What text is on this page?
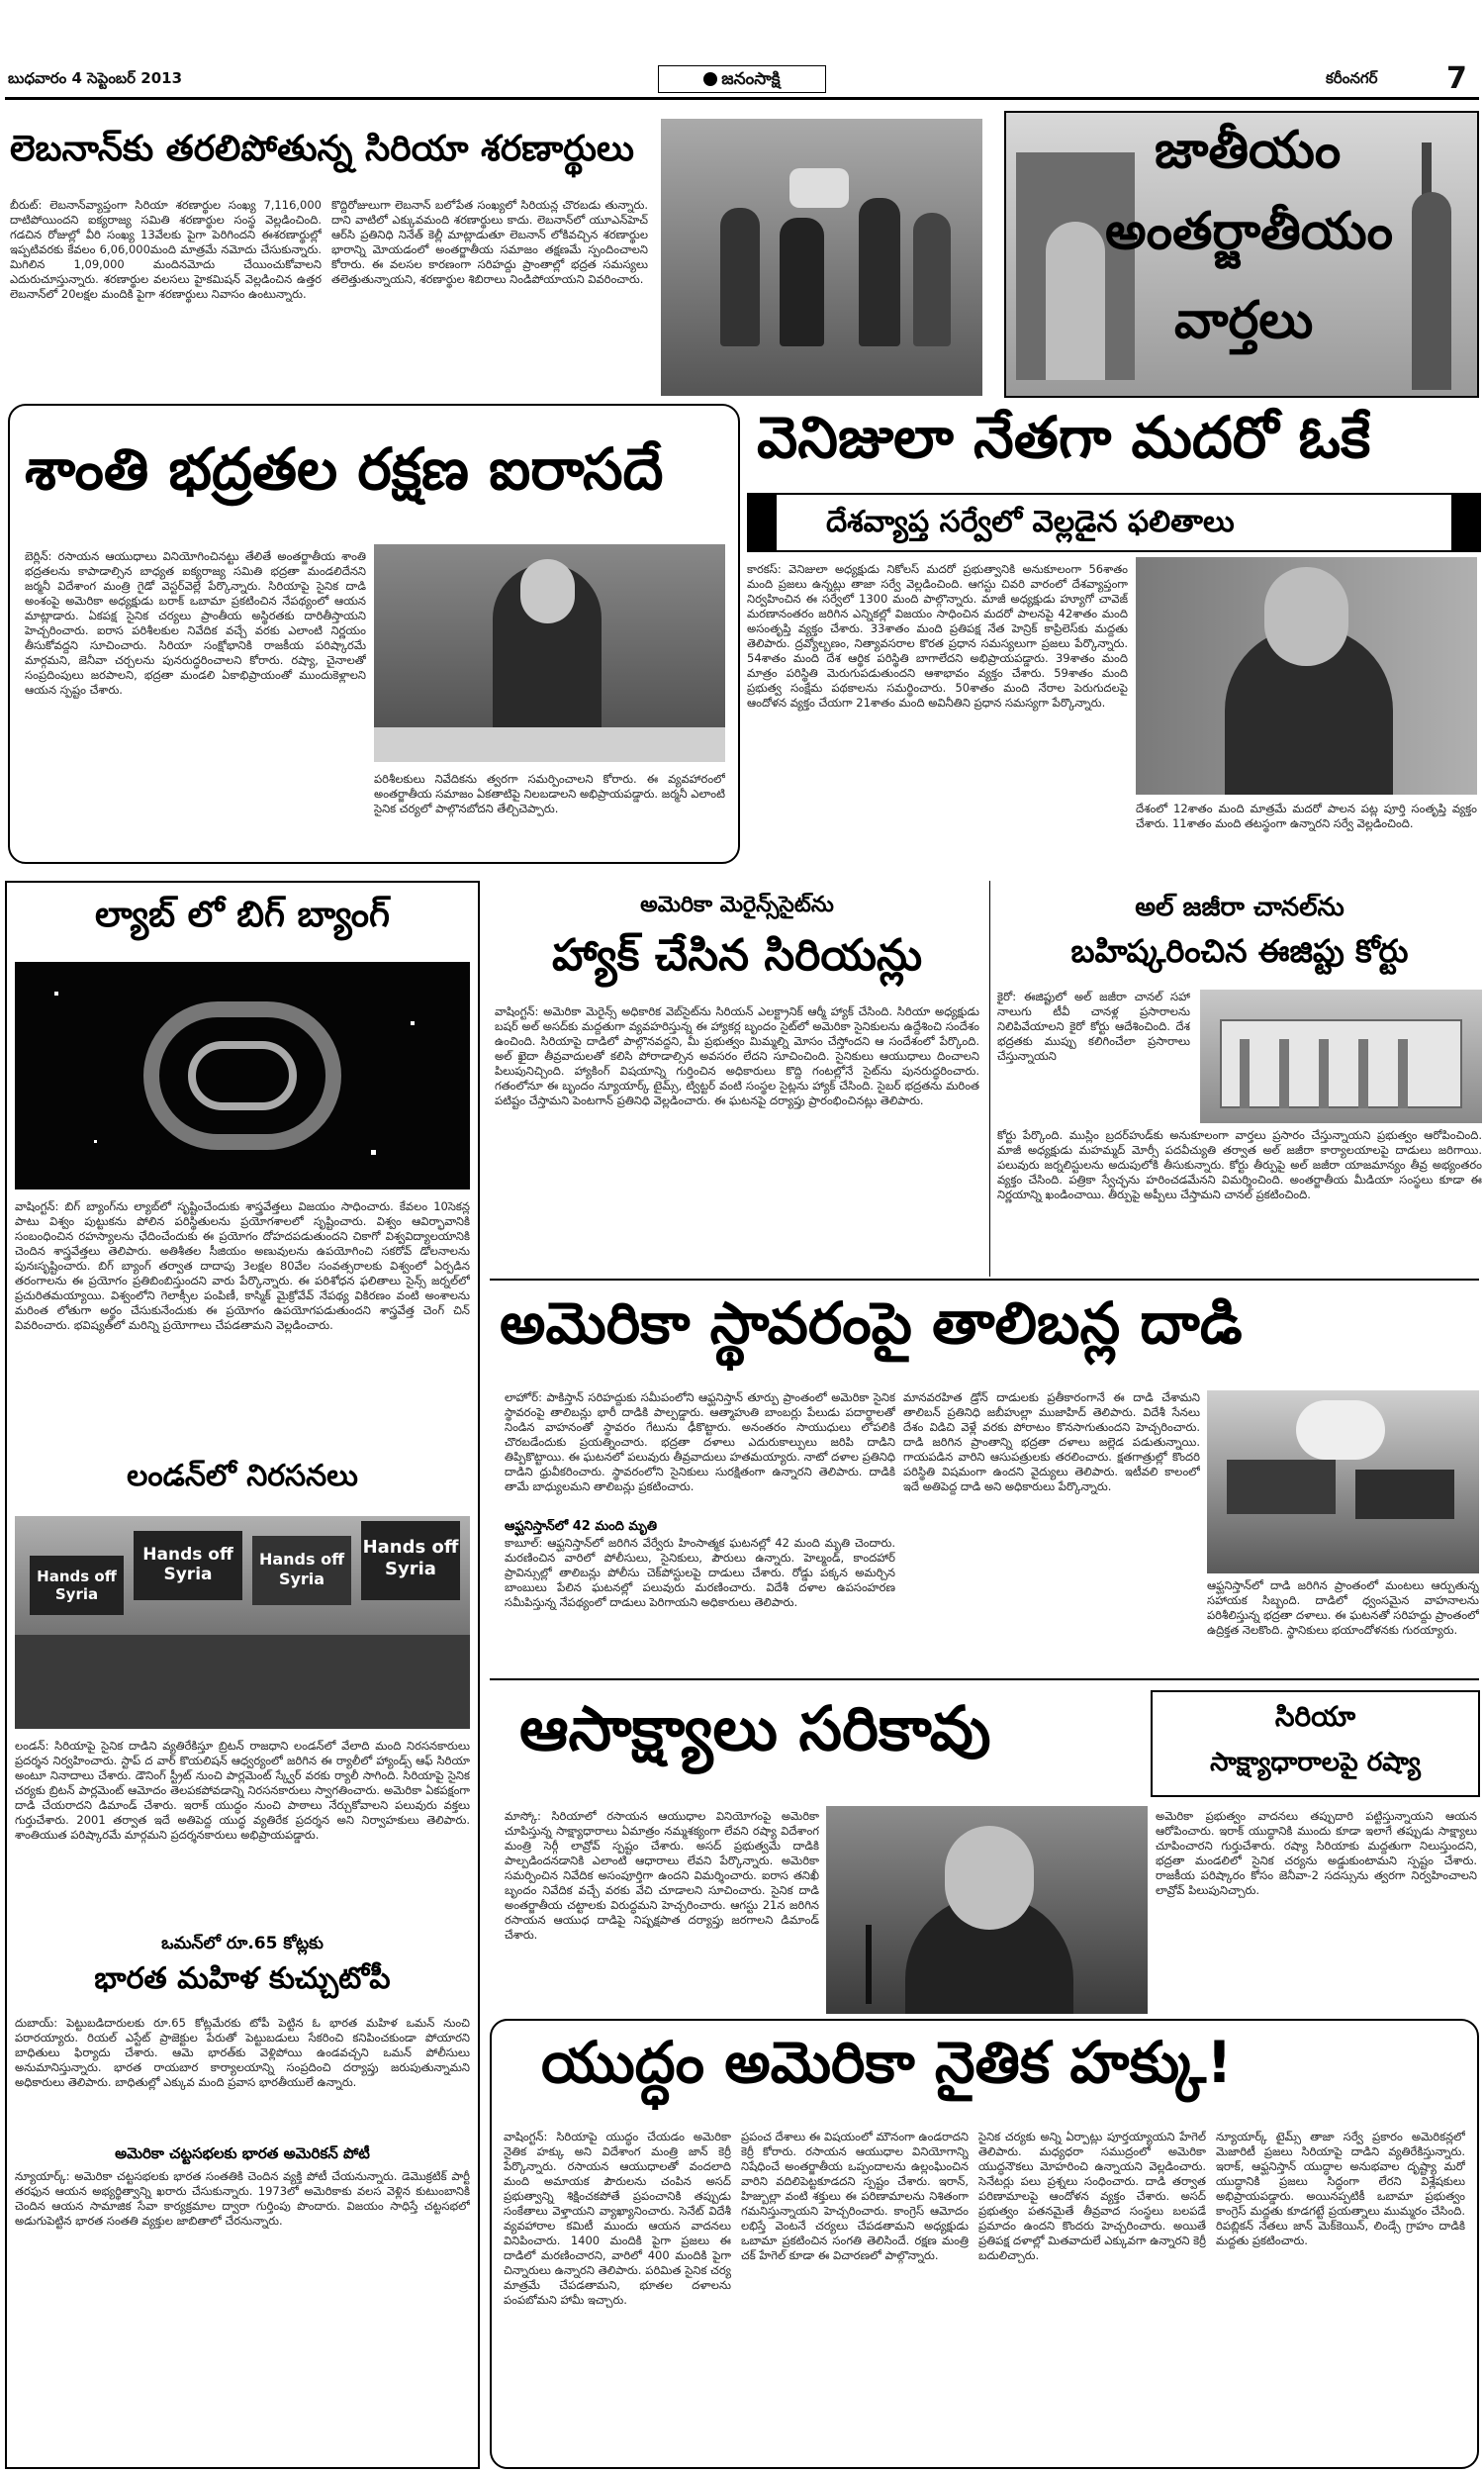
బుధవారం 4 సెప్టెంబర్ 2013	జనంసాక్షి	కరీంనగర్ 7
లెబనాన్‌కు తరలిపోతున్న సిరియా శరణార్థులు
బీరుట్: లెబనాన్‌వ్యాప్తంగా సిరియా శరణార్థుల సంఖ్య 7,116,000 దాటిపోయిందని ఐక్యరాజ్య సమితి శరణార్థుల సంస్థ వెల్లడించింది. గడచిన రోజుల్లో వీరి సంఖ్య 13వేలకు పైగా పెరిగిందని ఈశరణార్థుల్లో ఇప్పటివరకు కేవలం 6,06,000మంది మాత్రమే నమోదు చేసుకున్నారు. మిగిలిన 1,09,000 మందినమోదు చేయించుకోవాలని ఎదురుచూస్తున్నారు. శరణార్థుల వలసలు హైకమిషన్ వెల్లడించిన ఉత్తర లెబనాన్‌లో 20లక్షల మందికి పైగా శరణార్థులు నివాసం ఉంటున్నారు.
కొద్దిరోజులుగా లెబనాన్ బలోపేత సంఖ్యలో సిరియన్ల చొరబడు తున్నారు. దాని వాటిలో ఎక్కువమంది శరణార్థులు కాదు. లెబనాన్‌లో యూఎన్‌హెచ్ ఆర్‌సి ప్రతినిధి నినేత్ కెల్లీ మాట్లాడుతూ లెబనాన్ లోకివచ్చిన శరణార్థుల భారాన్ని మోయడంలో అంతర్జాతీయ సమాజం తక్షణమే స్పందించాలని కోరారు. ఈ వలసల కారణంగా సరిహద్దు ప్రాంతాల్లో భద్రత సమస్యలు తలెత్తుతున్నాయని, శరణార్థుల శిబిరాలు నిండిపోయాయని వివరించారు.
జాతీయం
అంతర్జాతీయం
వార్తలు
శాంతి భద్రతల రక్షణ ఐరాసదే
బెర్లిన్: రసాయన ఆయుధాలు వినియోగించినట్టు తేలితే అంతర్జాతీయ శాంతి భద్రతలను కాపాడాల్సిన బాధ్యత ఐక్యరాజ్య సమితి భద్రతా మండలిదేనని జర్మనీ విదేశాంగ మంత్రి గైడో వెస్టర్‌వెల్లే పేర్కొన్నారు. సిరియాపై సైనిక దాడి అంశంపై అమెరికా అధ్యక్షుడు బరాక్ ఒబామా ప్రకటించిన నేపథ్యంలో ఆయన మాట్లాడారు. ఏకపక్ష సైనిక చర్యలు ప్రాంతీయ అస్థిరతకు దారితీస్తాయని హెచ్చరించారు. ఐరాస పరిశీలకుల నివేదిక వచ్చే వరకు ఎలాంటి నిర్ణయం తీసుకోవద్దని సూచించారు. సిరియా సంక్షోభానికి రాజకీయ పరిష్కారమే మార్గమని, జెనీవా చర్చలను పునరుద్ధరించాలని కోరారు. రష్యా, చైనాలతో సంప్రదింపులు జరపాలని, భద్రతా మండలి ఏకాభిప్రాయంతో ముందుకెళ్లాలని ఆయన స్పష్టం చేశారు.
పరిశీలకులు నివేదికను త్వరగా సమర్పించాలని కోరారు. ఈ వ్యవహారంలో అంతర్జాతీయ సమాజం ఏకతాటిపై నిలబడాలని అభిప్రాయపడ్డారు. జర్మనీ ఎలాంటి సైనిక చర్యలో పాల్గొనబోదని తేల్చిచెప్పారు.
వెనిజులా నేతగా మదరో ఓకే
దేశవ్యాప్త సర్వేలో వెల్లడైన ఫలితాలు
కారకస్: వెనిజులా అధ్యక్షుడు నికోలస్ మదరో ప్రభుత్వానికి అనుకూలంగా 56శాతం మంది ప్రజలు ఉన్నట్లు తాజా సర్వే వెల్లడించింది. ఆగస్టు చివరి వారంలో దేశవ్యాప్తంగా నిర్వహించిన ఈ సర్వేలో 1300 మంది పాల్గొన్నారు. మాజీ అధ్యక్షుడు హ్యూగో చావెజ్ మరణానంతరం జరిగిన ఎన్నికల్లో విజయం సాధించిన మదరో పాలనపై 42శాతం మంది అసంతృప్తి వ్యక్తం చేశారు. 33శాతం మంది ప్రతిపక్ష నేత హెన్రిక్ కాప్రిలెస్‌కు మద్దతు తెలిపారు. ద్రవ్యోల్బణం, నిత్యావసరాల కొరత ప్రధాన సమస్యలుగా ప్రజలు పేర్కొన్నారు. 54శాతం మంది దేశ ఆర్థిక పరిస్థితి బాగాలేదని అభిప్రాయపడ్డారు. 39శాతం మంది మాత్రం పరిస్థితి మెరుగుపడుతుందని ఆశాభావం వ్యక్తం చేశారు. 59శాతం మంది ప్రభుత్వ సంక్షేమ పథకాలను సమర్థించారు. 50శాతం మంది నేరాల పెరుగుదలపై ఆందోళన వ్యక్తం చేయగా 21శాతం మంది అవినీతిని ప్రధాన సమస్యగా పేర్కొన్నారు.
దేశంలో 12శాతం మంది మాత్రమే మదరో పాలన పట్ల పూర్తి సంతృప్తి వ్యక్తం చేశారు. 11శాతం మంది తటస్థంగా ఉన్నారని సర్వే వెల్లడించింది.
ల్యాబ్ లో బిగ్ బ్యాంగ్
వాషింగ్టన్: బిగ్ బ్యాంగ్‌ను ల్యాబ్‌లో సృష్టించేందుకు శాస్త్రవేత్తలు విజయం సాధించారు. కేవలం 10సెకన్ల పాటు విశ్వం పుట్టుకను పోలిన పరిస్థితులను ప్రయోగశాలలో సృష్టించారు. విశ్వం ఆవిర్భావానికి సంబంధించిన రహస్యాలను ఛేదించేందుకు ఈ ప్రయోగం దోహదపడుతుందని చికాగో విశ్వవిద్యాలయానికి చెందిన శాస్త్రవేత్తలు తెలిపారు. అతిశీతల సీజియం అణువులను ఉపయోగించి సకరోవ్ డోలనాలను పునఃసృష్టించారు. బిగ్ బ్యాంగ్ తర్వాత దాదాపు 3లక్షల 80వేల సంవత్సరాలకు విశ్వంలో ఏర్పడిన తరంగాలను ఈ ప్రయోగం ప్రతిబింబిస్తుందని వారు పేర్కొన్నారు. ఈ పరిశోధన ఫలితాలు సైన్స్ జర్నల్‌లో ప్రచురితమయ్యాయి. విశ్వంలోని గెలాక్సీల పంపిణీ, కాస్మిక్ మైక్రోవేవ్ నేపథ్య వికిరణం వంటి అంశాలను మరింత లోతుగా అర్థం చేసుకునేందుకు ఈ ప్రయోగం ఉపయోగపడుతుందని శాస్త్రవేత్త చెంగ్ చిన్ వివరించారు. భవిష్యత్‌లో మరిన్ని ప్రయోగాలు చేపడతామని వెల్లడించారు.
లండన్‌లో నిరసనలు
Hands off Syria
Hands off Syria
Hands off Syria
Hands off Syria
లండన్: సిరియాపై సైనిక దాడిని వ్యతిరేకిస్తూ బ్రిటన్ రాజధాని లండన్‌లో వేలాది మంది నిరసనకారులు ప్రదర్శన నిర్వహించారు. స్టాప్ ద వార్ కొయలిషన్ ఆధ్వర్యంలో జరిగిన ఈ ర్యాలీలో హ్యాండ్స్ ఆఫ్ సిరియా అంటూ నినాదాలు చేశారు. డౌనింగ్ స్ట్రీట్ నుంచి పార్లమెంట్ స్క్వేర్ వరకు ర్యాలీ సాగింది. సిరియాపై సైనిక చర్యకు బ్రిటన్ పార్లమెంట్ ఆమోదం తెలపకపోవడాన్ని నిరసనకారులు స్వాగతించారు. అమెరికా ఏకపక్షంగా దాడి చేయరాదని డిమాండ్ చేశారు. ఇరాక్ యుద్ధం నుంచి పాఠాలు నేర్చుకోవాలని పలువురు వక్తలు గుర్తుచేశారు. 2001 తర్వాత ఇదే అతిపెద్ద యుద్ధ వ్యతిరేక ప్రదర్శన అని నిర్వాహకులు తెలిపారు. శాంతియుత పరిష్కారమే మార్గమని ప్రదర్శనకారులు అభిప్రాయపడ్డారు.
ఒమన్‌లో రూ.65 కోట్లకు
భారత మహిళ కుచ్చుటోపీ
దుబాయ్: పెట్టుబడిదారులకు రూ.65 కోట్లమేరకు టోపీ పెట్టిన ఓ భారత మహిళ ఒమన్‌ నుంచి పరారయ్యారు. రియల్ ఎస్టేట్ ప్రాజెక్టుల పేరుతో పెట్టుబడులు సేకరించి కనిపించకుండా పోయారని బాధితులు ఫిర్యాదు చేశారు. ఆమె భారత్‌కు వెళ్లిపోయి ఉండవచ్చని ఒమన్ పోలీసులు అనుమానిస్తున్నారు. భారత రాయబార కార్యాలయాన్ని సంప్రదించి దర్యాప్తు జరుపుతున్నామని అధికారులు తెలిపారు. బాధితుల్లో ఎక్కువ మంది ప్రవాస భారతీయులే ఉన్నారు.
అమెరికా చట్టసభలకు భారత అమెరికన్ పోటీ
న్యూయార్క్: అమెరికా చట్టసభలకు భారత సంతతికి చెందిన వ్యక్తి పోటీ చేయనున్నారు. డెమొక్రటిక్ పార్టీ తరఫున ఆయన అభ్యర్థిత్వాన్ని ఖరారు చేసుకున్నారు. 1973లో అమెరికాకు వలస వెళ్లిన కుటుంబానికి చెందిన ఆయన సామాజిక సేవా కార్యక్రమాల ద్వారా గుర్తింపు పొందారు. విజయం సాధిస్తే చట్టసభలో అడుగుపెట్టిన భారత సంతతి వ్యక్తుల జాబితాలో చేరనున్నారు.
అమెరికా మెరైన్స్‌సైట్‌ను
హ్యాక్ చేసిన సిరియన్లు
వాషింగ్టన్: అమెరికా మెరైన్స్ అధికారిక వెబ్‌సైట్‌ను సిరియన్ ఎలక్ట్రానిక్ ఆర్మీ హ్యాక్ చేసింది. సిరియా అధ్యక్షుడు బషర్ అల్ అసద్‌కు మద్దతుగా వ్యవహరిస్తున్న ఈ హ్యాకర్ల బృందం సైట్‌లో అమెరికా సైనికులను ఉద్దేశించి సందేశం ఉంచింది. సిరియాపై దాడిలో పాల్గొనవద్దని, మీ ప్రభుత్వం మిమ్మల్ని మోసం చేస్తోందని ఆ సందేశంలో పేర్కొంది. అల్ ఖైదా తీవ్రవాదులతో కలిసి పోరాడాల్సిన అవసరం లేదని సూచించింది. సైనికులు ఆయుధాలు దించాలని పిలుపునిచ్చింది. హ్యాకింగ్ విషయాన్ని గుర్తించిన అధికారులు కొద్ది గంటల్లోనే సైట్‌ను పునరుద్ధరించారు. గతంలోనూ ఈ బృందం న్యూయార్క్ టైమ్స్, ట్విట్టర్ వంటి సంస్థల సైట్లను హ్యాక్ చేసింది. సైబర్ భద్రతను మరింత పటిష్టం చేస్తామని పెంటగాన్ ప్రతినిధి వెల్లడించారు. ఈ ఘటనపై దర్యాప్తు ప్రారంభించినట్లు తెలిపారు.
అల్ జజీరా చానల్‌ను
బహిష్కరించిన ఈజిప్టు కోర్టు
కైరో: ఈజిప్టులో అల్ జజీరా చానల్ సహా నాలుగు టీవీ చానళ్ల ప్రసారాలను నిలిపివేయాలని కైరో కోర్టు ఆదేశించింది. దేశ భద్రతకు ముప్పు కలిగించేలా ప్రసారాలు చేస్తున్నాయని
కోర్టు పేర్కొంది. ముస్లిం బ్రదర్‌హుడ్‌కు అనుకూలంగా వార్తలు ప్రసారం చేస్తున్నాయని ప్రభుత్వం ఆరోపించింది. మాజీ అధ్యక్షుడు మహమ్మద్ మోర్సీ పదవీచ్యుతి తర్వాత అల్ జజీరా కార్యాలయాలపై దాడులు జరిగాయి. పలువురు జర్నలిస్టులను అదుపులోకి తీసుకున్నారు. కోర్టు తీర్పుపై అల్ జజీరా యాజమాన్యం తీవ్ర అభ్యంతరం వ్యక్తం చేసింది. పత్రికా స్వేచ్ఛను హరించడమేనని విమర్శించింది. అంతర్జాతీయ మీడియా సంస్థలు కూడా ఈ నిర్ణయాన్ని ఖండించాయి. తీర్పుపై అప్పీలు చేస్తామని చానల్ ప్రకటించింది.
అమెరికా స్థావరంపై తాలిబన్ల దాడి
లాహోర్: పాకిస్తాన్ సరిహద్దుకు సమీపంలోని ఆఫ్ఘనిస్తాన్ తూర్పు ప్రాంతంలో అమెరికా సైనిక స్థావరంపై తాలిబన్లు భారీ దాడికి పాల్పడ్డారు. ఆత్మాహుతి బాంబర్లు పేలుడు పదార్థాలతో నిండిన వాహనంతో స్థావరం గేటును ఢీకొట్టారు. అనంతరం సాయుధులు లోపలికి చొరబడేందుకు ప్రయత్నించారు. భద్రతా దళాలు ఎదురుకాల్పులు జరిపి దాడిని తిప్పికొట్టాయి. ఈ ఘటనలో పలువురు తీవ్రవాదులు హతమయ్యారు. నాటో దళాల ప్రతినిధి దాడిని ధ్రువీకరించారు. స్థావరంలోని సైనికులు సురక్షితంగా ఉన్నారని తెలిపారు. దాడికి తామే బాధ్యులమని తాలిబన్లు ప్రకటించారు.
ఆఫ్ఘనిస్తాన్‌లో 42 మంది మృతి
కాబూల్: ఆఫ్ఘనిస్తాన్‌లో జరిగిన వేర్వేరు హింసాత్మక ఘటనల్లో 42 మంది మృతి చెందారు. మరణించిన వారిలో పోలీసులు, సైనికులు, పౌరులు ఉన్నారు. హెల్మండ్, కాందహార్ ప్రావిన్సుల్లో తాలిబన్లు పోలీసు చెక్‌పోస్టులపై దాడులు చేశారు. రోడ్డు పక్కన అమర్చిన బాంబులు పేలిన ఘటనల్లో పలువురు మరణించారు. విదేశీ దళాల ఉపసంహరణ సమీపిస్తున్న నేపథ్యంలో దాడులు పెరిగాయని అధికారులు తెలిపారు.
మానవరహిత డ్రోన్ దాడులకు ప్రతీకారంగానే ఈ దాడి చేశామని తాలిబన్ ప్రతినిధి జబీహుల్లా ముజాహిద్ తెలిపారు. విదేశీ సేనలు దేశం విడిచి వెళ్లే వరకు పోరాటం కొనసాగుతుందని హెచ్చరించారు. దాడి జరిగిన ప్రాంతాన్ని భద్రతా దళాలు జల్లెడ పడుతున్నాయి. గాయపడిన వారిని ఆసుపత్రులకు తరలించారు. క్షతగాత్రుల్లో కొందరి పరిస్థితి విషమంగా ఉందని వైద్యులు తెలిపారు. ఇటీవలి కాలంలో ఇదే అతిపెద్ద దాడి అని అధికారులు పేర్కొన్నారు.
ఆఫ్ఘనిస్తాన్‌లో దాడి జరిగిన ప్రాంతంలో మంటలు ఆర్పుతున్న సహాయక సిబ్బంది. దాడిలో ధ్వంసమైన వాహనాలను పరిశీలిస్తున్న భద్రతా దళాలు. ఈ ఘటనతో సరిహద్దు ప్రాంతంలో ఉద్రిక్తత నెలకొంది. స్థానికులు భయాందోళనకు గురయ్యారు.
ఆసాక్ష్యాలు సరికావు	సిరియా
సాక్ష్యాధారాలపై రష్యా
మాస్కో: సిరియాలో రసాయన ఆయుధాల వినియోగంపై అమెరికా చూపిస్తున్న సాక్ష్యాధారాలు ఏమాత్రం నమ్మశక్యంగా లేవని రష్యా విదేశాంగ మంత్రి సెర్గీ లావ్రోవ్ స్పష్టం చేశారు. అసద్ ప్రభుత్వమే దాడికి పాల్పడిందనడానికి ఎలాంటి ఆధారాలు లేవని పేర్కొన్నారు. అమెరికా సమర్పించిన నివేదిక అసంపూర్తిగా ఉందని విమర్శించారు. ఐరాస తనిఖీ బృందం నివేదిక వచ్చే వరకు వేచి చూడాలని సూచించారు. సైనిక దాడి అంతర్జాతీయ చట్టాలకు విరుద్ధమని హెచ్చరించారు. ఆగస్టు 21న జరిగిన రసాయన ఆయుధ దాడిపై నిష్పక్షపాత దర్యాప్తు జరగాలని డిమాండ్ చేశారు.
అమెరికా ప్రభుత్వం వాదనలు తప్పుదారి పట్టిస్తున్నాయని ఆయన ఆరోపించారు. ఇరాక్ యుద్ధానికి ముందు కూడా ఇలాగే తప్పుడు సాక్ష్యాలు చూపించారని గుర్తుచేశారు. రష్యా సిరియాకు మద్దతుగా నిలుస్తుందని, భద్రతా మండలిలో సైనిక చర్యను అడ్డుకుంటామని స్పష్టం చేశారు. రాజకీయ పరిష్కారం కోసం జెనీవా-2 సదస్సును త్వరగా నిర్వహించాలని లావ్రోవ్ పిలుపునిచ్చారు.
యుద్ధం అమెరికా నైతిక హక్కు!
వాషింగ్టన్: సిరియాపై యుద్ధం చేయడం అమెరికా నైతిక హక్కు అని విదేశాంగ మంత్రి జాన్ కెర్రీ పేర్కొన్నారు. రసాయన ఆయుధాలతో వందలాది మంది అమాయక పౌరులను చంపిన అసద్ ప్రభుత్వాన్ని శిక్షించకపోతే ప్రపంచానికి తప్పుడు సంకేతాలు వెళ్తాయని వ్యాఖ్యానించారు. సెనేట్ విదేశీ వ్యవహారాల కమిటీ ముందు ఆయన వాదనలు వినిపించారు. 1400 మందికి పైగా ప్రజలు ఈ దాడిలో మరణించారని, వారిలో 400 మందికి పైగా చిన్నారులు ఉన్నారని తెలిపారు. పరిమిత సైనిక చర్య మాత్రమే చేపడతామని, భూతల దళాలను పంపబోమని హామీ ఇచ్చారు.
ప్రపంచ దేశాలు ఈ విషయంలో మౌనంగా ఉండరాదని కెర్రీ కోరారు. రసాయన ఆయుధాల వినియోగాన్ని నిషేధించే అంతర్జాతీయ ఒప్పందాలను ఉల్లంఘించిన వారిని వదిలిపెట్టకూడదని స్పష్టం చేశారు. ఇరాన్, హిజ్బుల్లా వంటి శక్తులు ఈ పరిణామాలను నిశితంగా గమనిస్తున్నాయని హెచ్చరించారు. కాంగ్రెస్ ఆమోదం లభిస్తే వెంటనే చర్యలు చేపడతామని అధ్యక్షుడు ఒబామా ప్రకటించిన సంగతి తెలిసిందే. రక్షణ మంత్రి చక్ హేగెల్ కూడా ఈ విచారణలో పాల్గొన్నారు.
సైనిక చర్యకు అన్ని ఏర్పాట్లు పూర్తయ్యాయని హేగెల్ తెలిపారు. మధ్యధరా సముద్రంలో అమెరికా యుద్ధనౌకలు మోహరించి ఉన్నాయని వెల్లడించారు. సెనేటర్లు పలు ప్రశ్నలు సంధించారు. దాడి తర్వాత పరిణామాలపై ఆందోళన వ్యక్తం చేశారు. అసద్ ప్రభుత్వం పతనమైతే తీవ్రవాద సంస్థలు బలపడే ప్రమాదం ఉందని కొందరు హెచ్చరించారు. అయితే ప్రతిపక్ష దళాల్లో మితవాదులే ఎక్కువగా ఉన్నారని కెర్రీ బదులిచ్చారు.
న్యూయార్క్ టైమ్స్ తాజా సర్వే ప్రకారం అమెరికన్లలో మెజారిటీ ప్రజలు సిరియాపై దాడిని వ్యతిరేకిస్తున్నారు. ఇరాక్, ఆఫ్ఘనిస్తాన్ యుద్ధాల అనుభవాల దృష్ట్యా మరో యుద్ధానికి ప్రజలు సిద్ధంగా లేరని విశ్లేషకులు అభిప్రాయపడ్డారు. అయినప్పటికీ ఒబామా ప్రభుత్వం కాంగ్రెస్ మద్దతు కూడగట్టే ప్రయత్నాలు ముమ్మరం చేసింది. రిపబ్లికన్ నేతలు జాన్ మెక్‌కెయిన్, లిండ్సే గ్రాహం దాడికి మద్దతు ప్రకటించారు.
